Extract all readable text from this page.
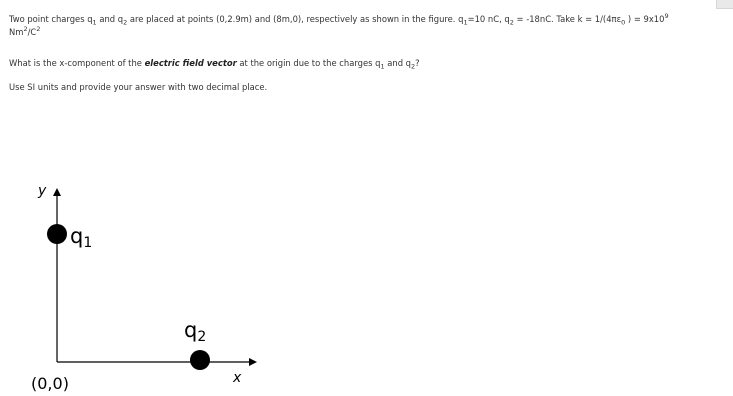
Two point charges $q_1$ and $q_2$ are placed at points (0,2.9m) and (8m,0), respectively as shown in the figure. $q_1=10$ nC, $q_2 = -18nC$. Take $k = 1/(4\pi\varepsilon_0$ ) = $9x10^9$

$Nm^2/C^2$

What is the x-component of the electric field vector at the origin due to the charges $q_1$ and $q_2$?

Use SI units and provide your answer with two decimal place.

y
x
q1
q2
(0,0)
